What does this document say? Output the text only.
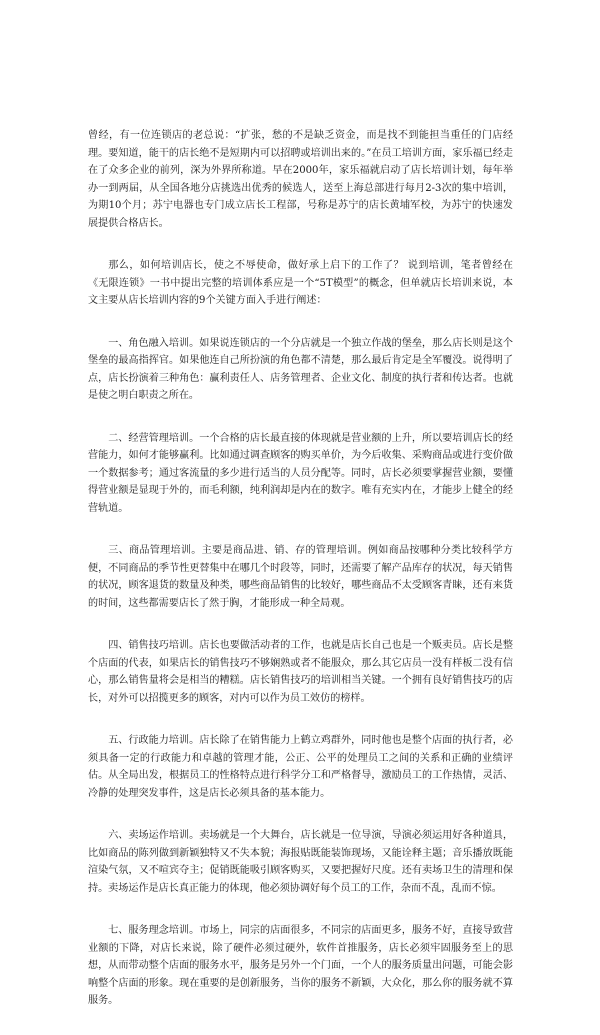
曾经，有一位连锁店的老总说：“扩张，愁的不是缺乏资金，而是找不到能担当重任的门店经理。要知道，能干的店长绝不是短期内可以招聘或培训出来的。”在员工培训方面，家乐福已经走在了众多企业的前列，深为外界所称道。早在2000年，家乐福就启动了店长培训计划，每年举办一到两届，从全国各地分店挑选出优秀的候选人，送至上海总部进行每月2-3次的集中培训，为期10个月；苏宁电器也专门成立店长工程部，号称是苏宁的店长黄埔军校，为苏宁的快速发展提供合格店长。

那么，如何培训店长，使之不辱使命，做好承上启下的工作了？ 说到培训，笔者曾经在《无限连锁》一书中提出完整的培训体系应是一个“5T模型”的概念，但单就店长培训来说，本文主要从店长培训内容的9个关键方面入手进行阐述：

一、角色融入培训。如果说连锁店的一个分店就是一个独立作战的堡垒，那么店长则是这个堡垒的最高指挥官。如果他连自己所扮演的角色都不清楚，那么最后肯定是全军覆没。说得明了点，店长扮演着三种角色：赢利责任人、店务管理者、企业文化、制度的执行者和传达者。也就是使之明白职责之所在。

二、经营管理培训。一个合格的店长最直接的体现就是营业额的上升，所以要培训店长的经营能力，如何才能够赢利。比如通过调查顾客的购买单价，为今后收集、采购商品或进行变价做一个数据参考；通过客流量的多少进行适当的人员分配等。同时，店长必须要掌握营业额，要懂得营业额是显现于外的，而毛利额，纯利润却是内在的数字。唯有充实内在，才能步上健全的经营轨道。

三、商品管理培训。主要是商品进、销、存的管理培训。例如商品按哪种分类比较科学方便，不同商品的季节性更替集中在哪几个时段等，同时，还需要了解产品库存的状况，每天销售的状况，顾客退货的数量及种类，哪些商品销售的比较好，哪些商品不太受顾客青睐，还有来货的时间，这些都需要店长了然于胸，才能形成一种全局观。

四、销售技巧培训。店长也要做活动者的工作，也就是店长自己也是一个贩卖员。店长是整个店面的代表，如果店长的销售技巧不够娴熟或者不能服众，那么其它店员一没有样板二没有信心，那么销售量将会是相当的糟糕。店长销售技巧的培训相当关键。一个拥有良好销售技巧的店长，对外可以招揽更多的顾客，对内可以作为员工效仿的榜样。

五、行政能力培训。店长除了在销售能力上鹤立鸡群外，同时他也是整个店面的执行者，必须具备一定的行政能力和卓越的管理才能，公正、公平的处理员工之间的关系和正确的业绩评估。从全局出发，根据员工的性格特点进行科学分工和严格督导，激励员工的工作热情，灵活、冷静的处理突发事件，这是店长必须具备的基本能力。

六、卖场运作培训。卖场就是一个大舞台，店长就是一位导演，导演必须运用好各种道具，比如商品的陈列做到新颖独特又不失本貌；海报贴既能装饰现场，又能诠释主题；音乐播放既能渲染气氛，又不喧宾夺主；促销既能吸引顾客购买，又要把握好尺度。还有卖场卫生的清理和保持。卖场运作是店长真正能力的体现，他必须协调好每个员工的工作，杂而不乱，乱而不惊。

七、服务理念培训。市场上，同宗的店面很多，不同宗的店面更多，服务不好，直接导致营业额的下降，对店长来说，除了硬件必须过硬外，软件首推服务，店长必须牢固服务至上的思想，从而带动整个店面的服务水平，服务是另外一个门面，一个人的服务质量出问题，可能会影响整个店面的形象。现在重要的是创新服务，当你的服务不新颖，大众化，那么你的服务就不算服务。
